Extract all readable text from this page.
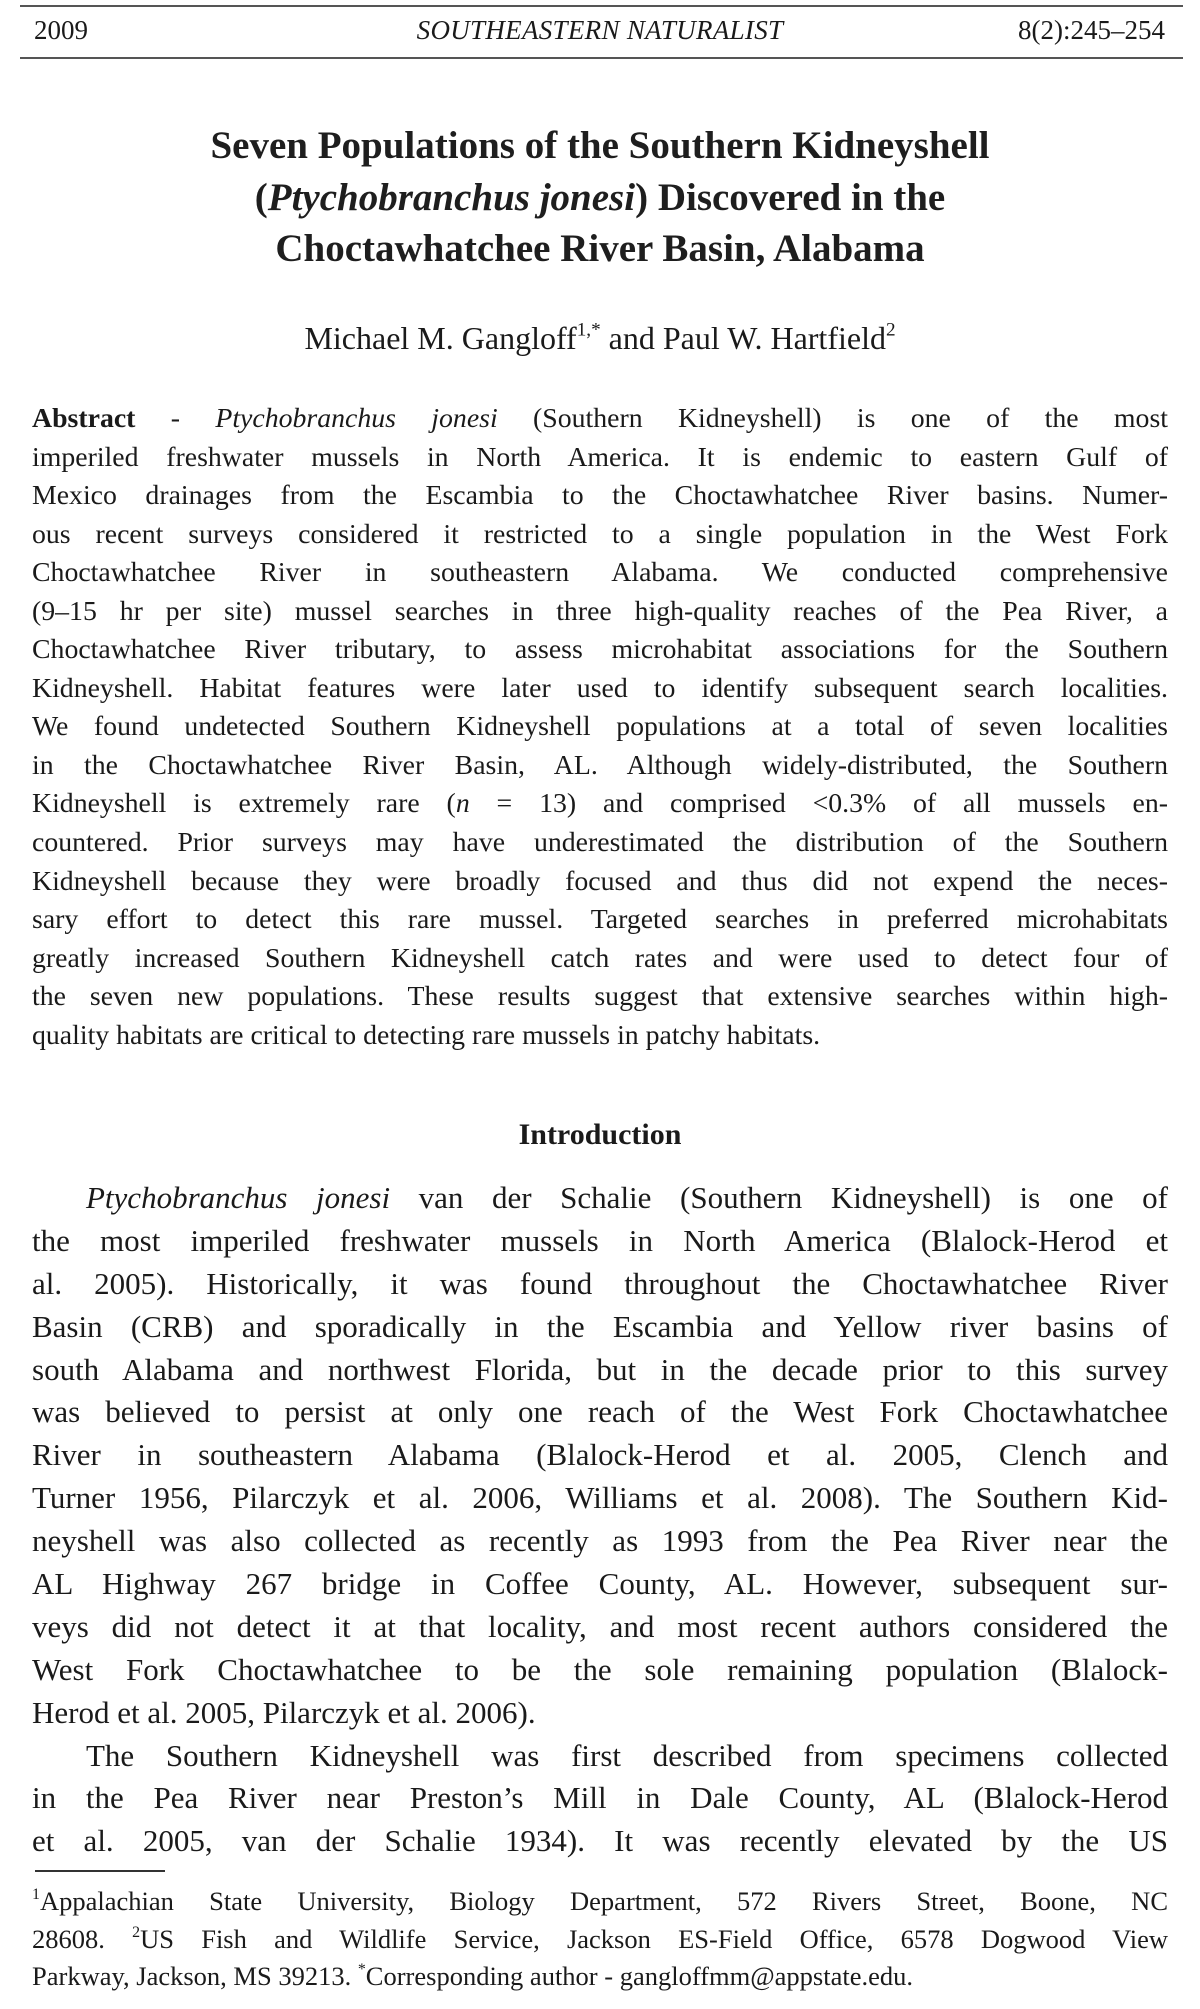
SOUTHEASTERN NATURALIST
2009	8(2):245–254
Seven Populations of the Southern Kidneyshell
(Ptychobranchus jonesi) Discovered in the
Choctawhatchee River Basin, Alabama
Michael M. Gangloff$^{1,*}$ and Paul W. Hartfield$^2$
Abstract - Ptychobranchus jonesi (Southern Kidneyshell) is one of the most
imperiled freshwater mussels in North America. It is endemic to eastern Gulf of
Mexico drainages from the Escambia to the Choctawhatchee River basins. Numer-
ous recent surveys considered it restricted to a single population in the West Fork
Choctawhatchee River in southeastern Alabama. We conducted comprehensive
(9–15 hr per site) mussel searches in three high-quality reaches of the Pea River, a
Choctawhatchee River tributary, to assess microhabitat associations for the Southern
Kidneyshell. Habitat features were later used to identify subsequent search localities.
We found undetected Southern Kidneyshell populations at a total of seven localities
in the Choctawhatchee River Basin, AL. Although widely-distributed, the Southern
Kidneyshell is extremely rare (n = 13) and comprised <0.3% of all mussels en-
countered. Prior surveys may have underestimated the distribution of the Southern
Kidneyshell because they were broadly focused and thus did not expend the neces-
sary effort to detect this rare mussel. Targeted searches in preferred microhabitats
greatly increased Southern Kidneyshell catch rates and were used to detect four of
the seven new populations. These results suggest that extensive searches within high-
quality habitats are critical to detecting rare mussels in patchy habitats.
Introduction
Ptychobranchus jonesi van der Schalie (Southern Kidneyshell) is one of
the most imperiled freshwater mussels in North America (Blalock-Herod et
al. 2005). Historically, it was found throughout the Choctawhatchee River
Basin (CRB) and sporadically in the Escambia and Yellow river basins of
south Alabama and northwest Florida, but in the decade prior to this survey
was believed to persist at only one reach of the West Fork Choctawhatchee
River in southeastern Alabama (Blalock-Herod et al. 2005, Clench and
Turner 1956, Pilarczyk et al. 2006, Williams et al. 2008). The Southern Kid-
neyshell was also collected as recently as 1993 from the Pea River near the
AL Highway 267 bridge in Coffee County, AL. However, subsequent sur-
veys did not detect it at that locality, and most recent authors considered the
West Fork Choctawhatchee to be the sole remaining population (Blalock-
Herod et al. 2005, Pilarczyk et al. 2006).
The Southern Kidneyshell was first described from specimens collected
in the Pea River near Preston’s Mill in Dale County, AL (Blalock-Herod
et al. 2005, van der Schalie 1934). It was recently elevated by the US
$^1$Appalachian State University, Biology Department, 572 Rivers Street, Boone, NC
28608. $^2$US Fish and Wildlife Service, Jackson ES-Field Office, 6578 Dogwood View
Parkway, Jackson, MS 39213. *Corresponding author - gangloffmm@appstate.edu.
